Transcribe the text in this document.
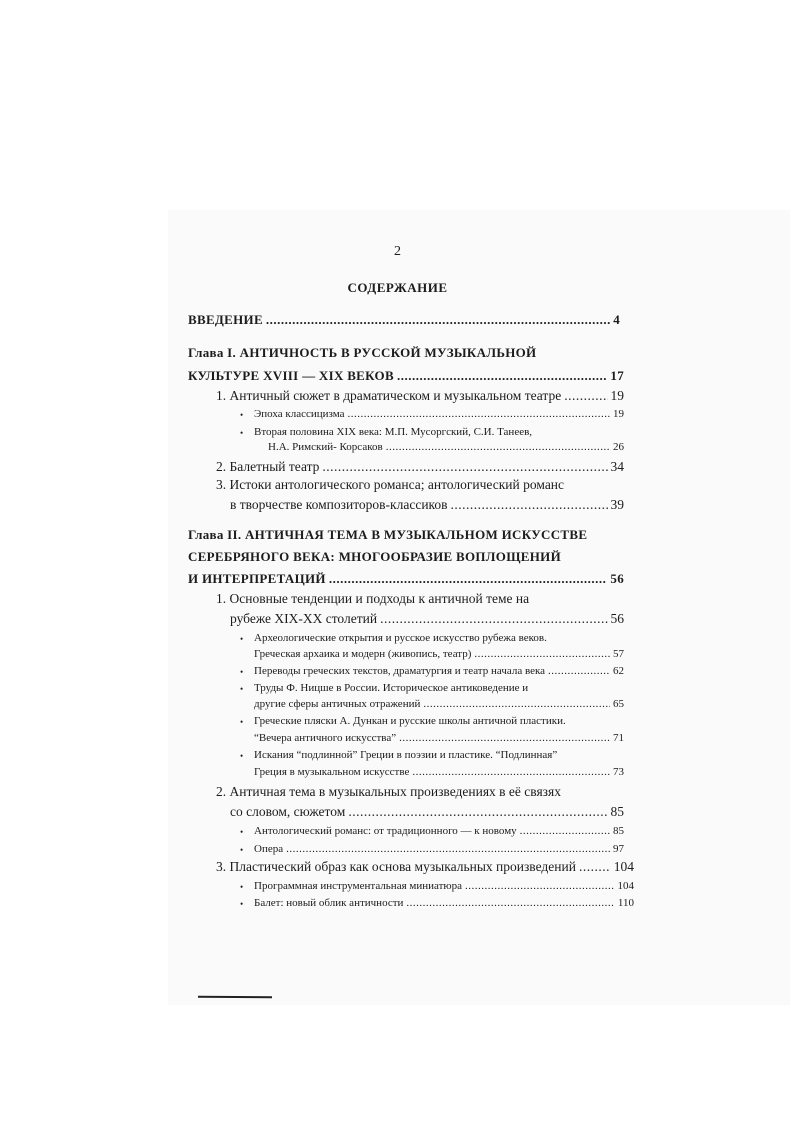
2
СОДЕРЖАНИЕ
ВВЕДЕНИЕ .....	4
Глава I. АНТИЧНОСТЬ В РУССКОЙ МУЗЫКАЛЬНОЙ
КУЛЬТУРЕ XVIII — XIX ВЕКОВ .....	17
1. Античный сюжет в драматическом и музыкальном театре .....	19
• Эпоха классицизма .....	19
• Вторая половина XIX века: М.П. Мусоргский, С.И. Танеев,
Н.А. Римский- Корсаков .....	26
2. Балетный театр .....	34
3. Истоки антологического романса; антологический романс
в творчестве композиторов-классиков .....	39
Глава II. АНТИЧНАЯ ТЕМА В МУЗЫКАЛЬНОМ ИСКУССТВЕ
СЕРЕБРЯНОГО ВЕКА: МНОГООБРАЗИЕ ВОПЛОЩЕНИЙ
И ИНТЕРПРЕТАЦИЙ .....	56
1. Основные тенденции и подходы к античной теме на
рубеже XIX-XX столетий .....	56
• Археологические открытия и русское искусство рубежа веков.
Греческая архаика и модерн (живопись, театр) .....	57
• Переводы греческих текстов, драматургия и театр начала века .....	62
• Труды Ф. Ницше в России. Историческое антиковедение и
другие сферы античных отражений .....	65
• Греческие пляски А. Дункан и русские школы античной пластики.
“Вечера античного искусства” .....	71
• Искания “подлинной” Греции в поэзии и пластике. “Подлинная”
Греция в музыкальном искусстве .....	73
2. Античная тема в музыкальных произведениях в её связях
со словом, сюжетом .....	85
• Антологический романс: от традиционного — к новому .....	85
• Опера .....	97
3. Пластический образ как основа музыкальных произведений .....	104
• Программная инструментальная миниатюра .....	104
• Балет: новый облик античности .....	110
